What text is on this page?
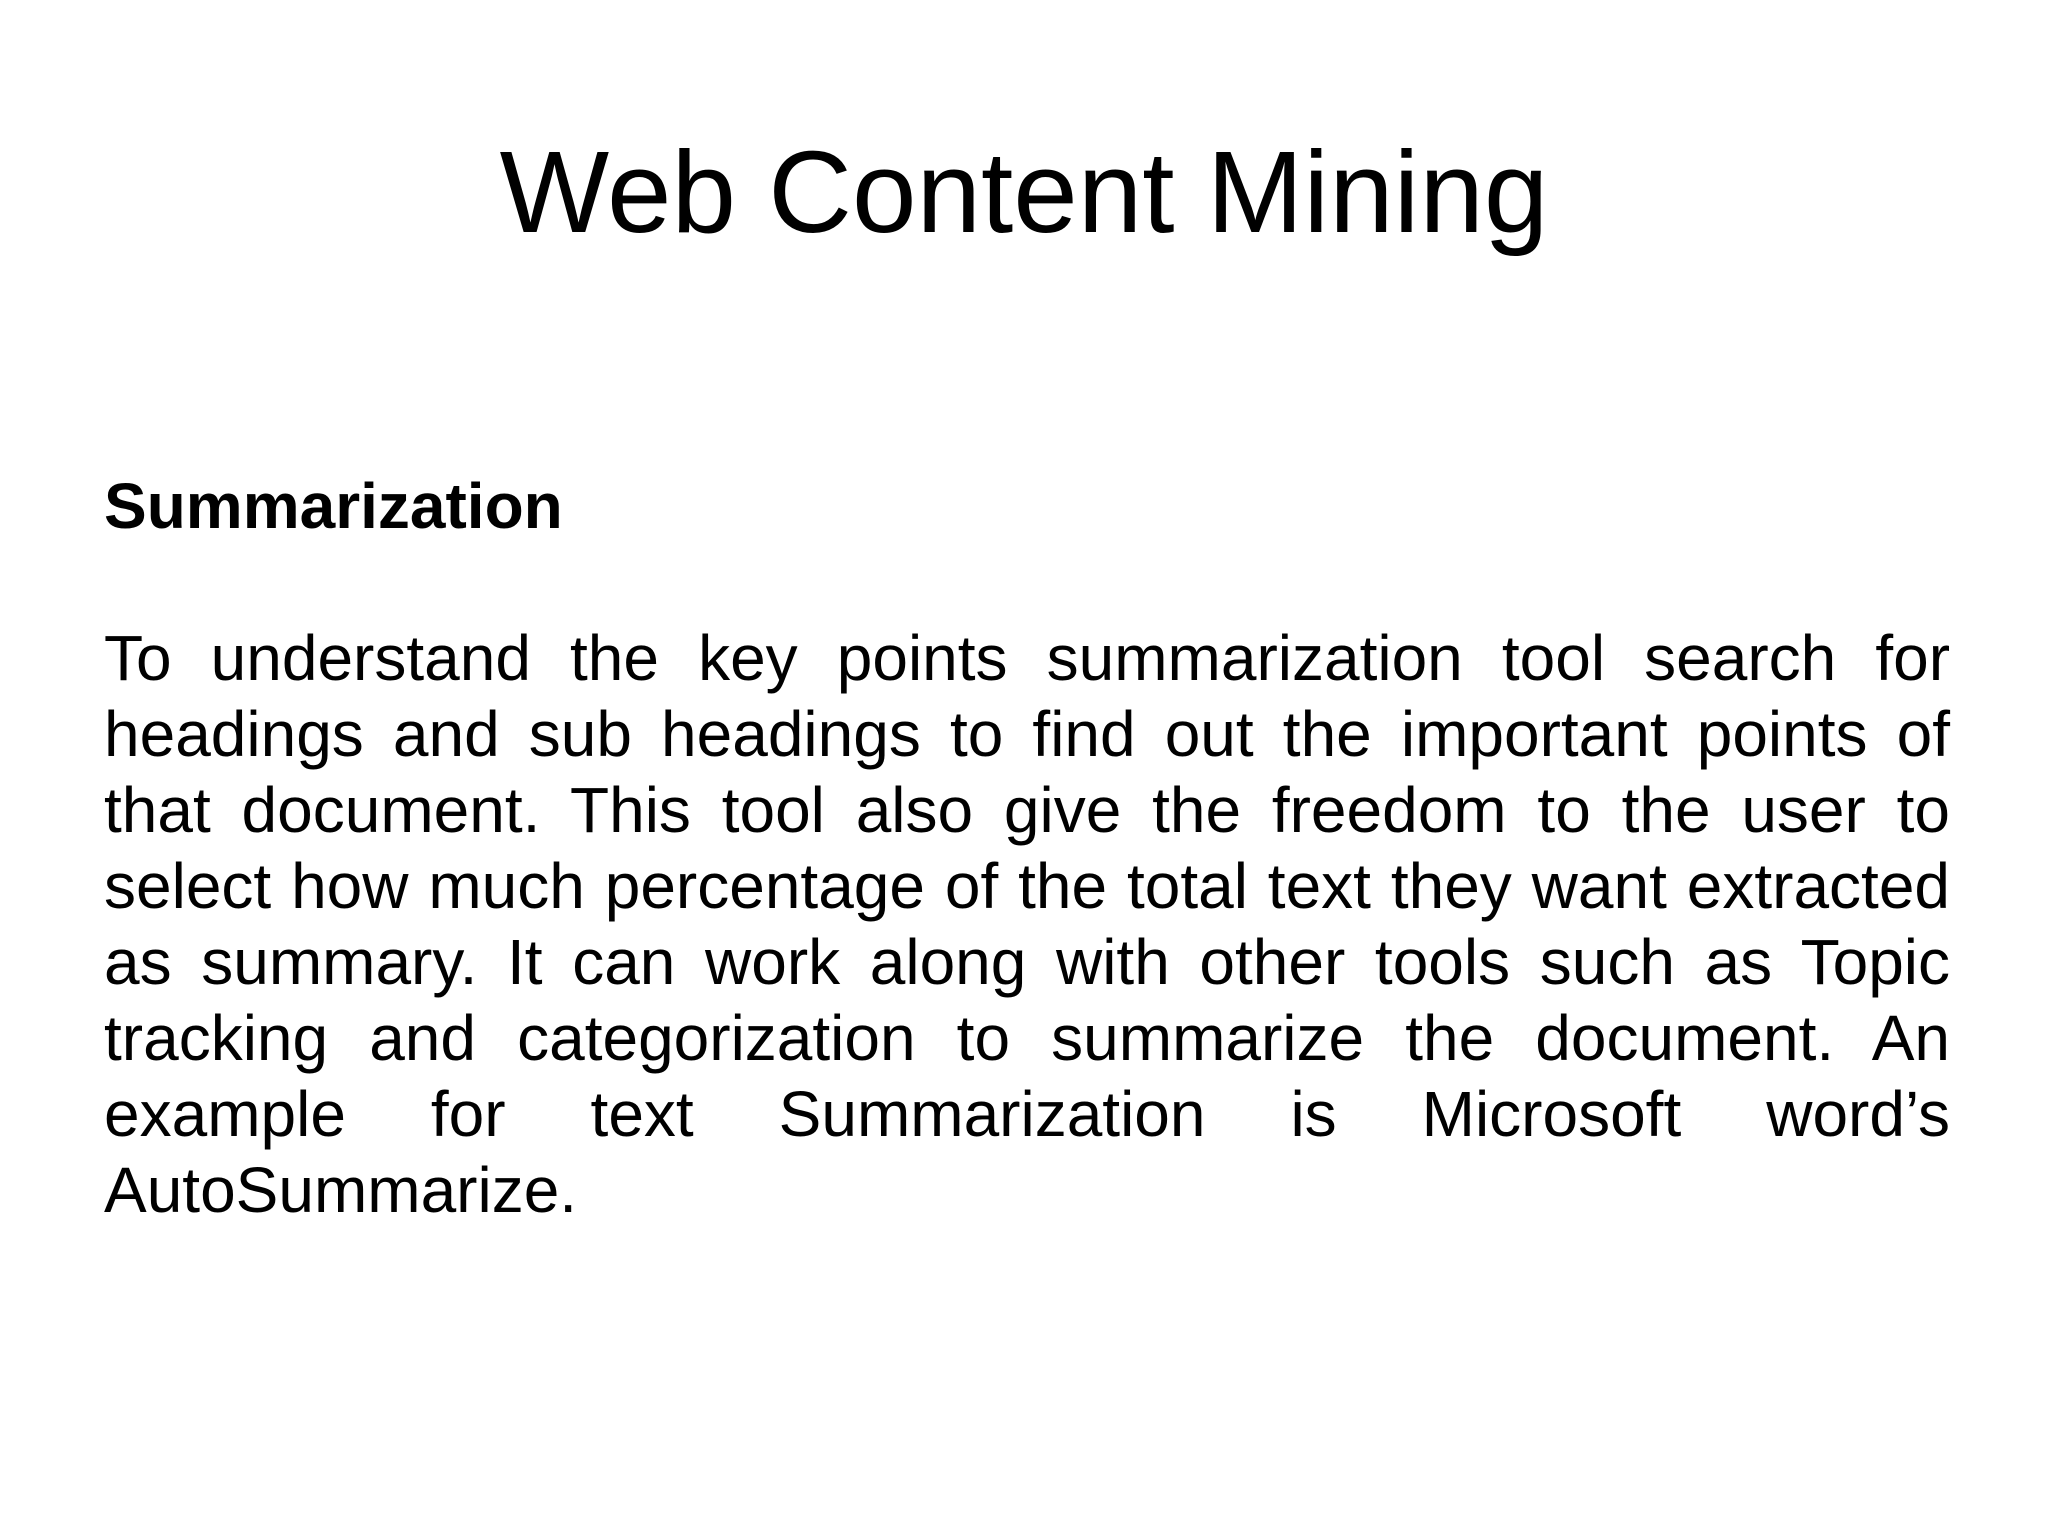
Web Content Mining

Summarization

To understand the key points summarization tool search for headings and sub headings to find out the important points of that document. This tool also give the freedom to the user to select how much percentage of the total text they want extracted as summary. It can work along with other tools such as Topic tracking and categorization to summarize the document. An example for text Summarization is Microsoft word’s AutoSummarize.
